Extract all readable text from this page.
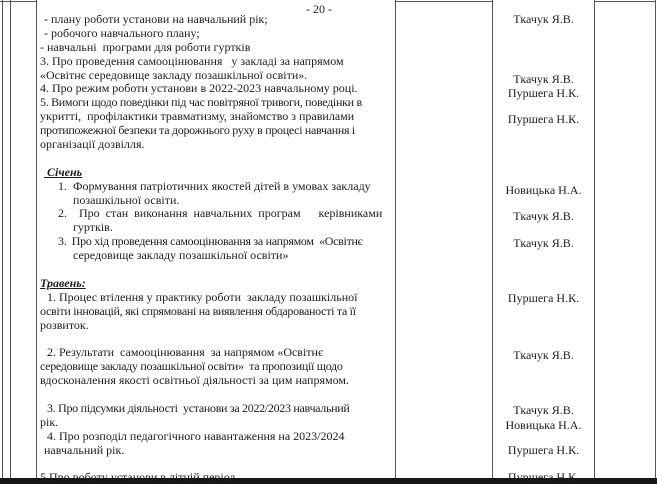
- 20 -
- плану роботи установи на навчальний рік;
- робочого навчального плану;
- навчальні  програми для роботи гуртків
3. Про проведення самооцінювання   у закладі за напрямом
«Освітнє середовище закладу позашкільної освіти».
4. Про режим роботи установи в 2022-2023 навчальному році.
5. Вимоги щодо поведінки під час повітряної тривоги, поведінки в
укритті,  профілактики травматизму, знайомство з правилами
протипожежної безпеки та дорожнього руху в процесі навчання і
організації дозвілля.

Січень
1.  Формування патріотичних якостей дітей в умовах закладу
позашкільної освіти.
2.  Про стан виконання навчальних програм   керівниками
гуртків.
3.  Про хід проведення самооцінювання за напрямом  «Освітнє
середовище закладу позашкільної освіти»

Травень:
1. Процес втілення у практику роботи  закладу позашкільної
освіти інновацій, які спрямовані на виявлення обдарованості та її
розвиток.

2. Результати  самооцінювання  за напрямом «Освітнє
середовище закладу позашкільної освіти»  та пропозиції щодо
вдосконалення якості освітньої діяльності за цим напрямом.

3. Про підсумки діяльності  установи за 2022/2023 навчальний
рік.
4. Про розподіл педагогічного навантаження на 2023/2024
навчальний рік.

5.Про роботу установи в літній період
Ткачук Я.В.
Ткачук Я.В.
Пуршега Н.К.
Пуршега Н.К.
Новицька Н.А.
Ткачук Я.В.
Ткачук Я.В.
Пуршега Н.К.
Ткачук Я.В.
Ткачук Я.В.
Новицька Н.А.
Пуршега Н.К.
Пуршега Н.К.
